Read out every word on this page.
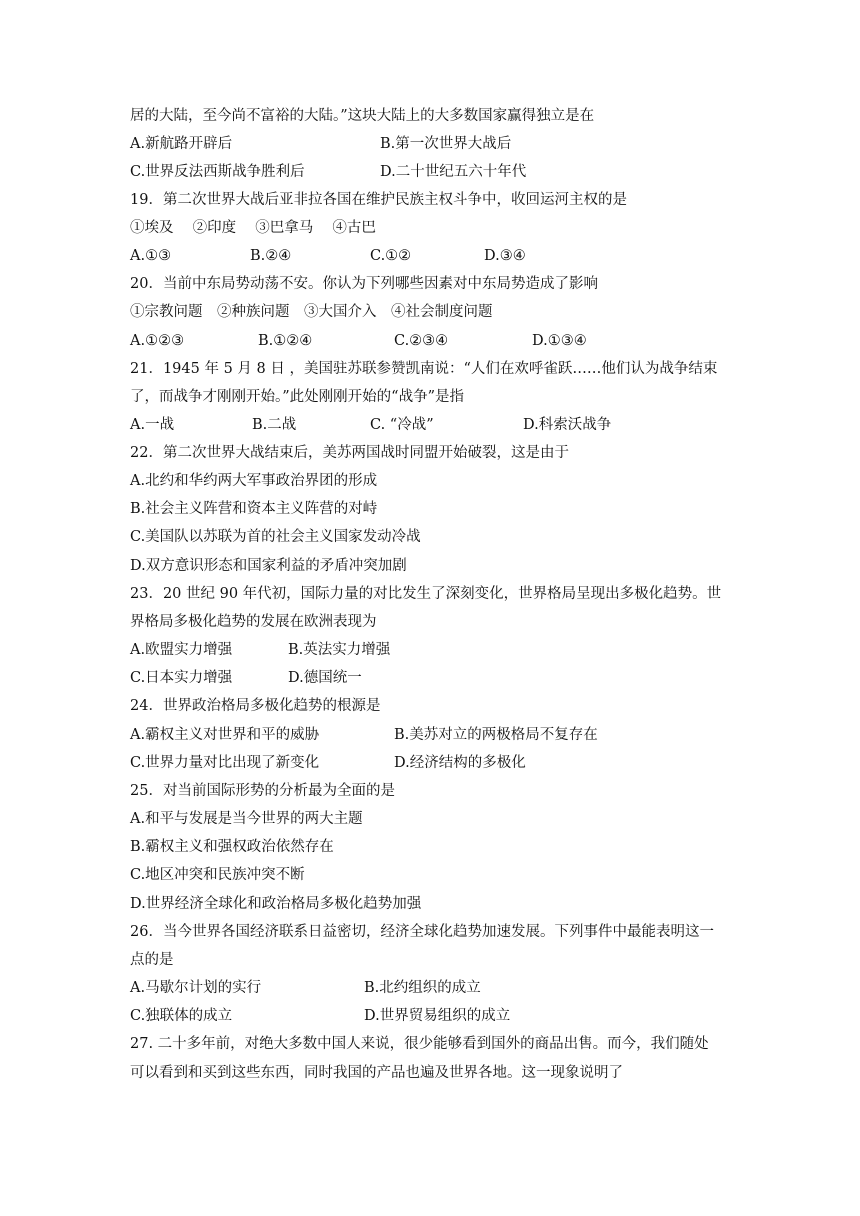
居的大陆，至今尚不富裕的大陆。”这块大陆上的大多数国家赢得独立是在
A.新航路开辟后	B.第一次世界大战后
C.世界反法西斯战争胜利后	D.二十世纪五六十年代
19．第二次世界大战后亚非拉各国在维护民族主权斗争中，收回运河主权的是
①埃及　 ②印度　 ③巴拿马　 ④古巴
A.①③	B.②④	C.①②	D.③④
20．当前中东局势动荡不安。你认为下列哪些因素对中东局势造成了影响
①宗教问题　②种族问题　③大国介入　④社会制度问题
A.①②③	B.①②④	C.②③④	D.①③④
21．1945 年 5 月 8 日 ，美国驻苏联参赞凯南说：“人们在欢呼雀跃……他们认为战争结束
了，而战争才刚刚开始。”此处刚刚开始的“战争”是指
A.一战	B.二战	C. “冷战”	D.科索沃战争
22．第二次世界大战结束后，美苏两国战时同盟开始破裂，这是由于
A.北约和华约两大军事政治界团的形成
B.社会主义阵营和资本主义阵营的对峙
C.美国队以苏联为首的社会主义国家发动冷战
D.双方意识形态和国家利益的矛盾冲突加剧
23．20 世纪 90 年代初，国际力量的对比发生了深刻变化，世界格局呈现出多极化趋势。世
界格局多极化趋势的发展在欧洲表现为
A.欧盟实力增强	B.英法实力增强
C.日本实力增强	D.德国统一
24．世界政治格局多极化趋势的根源是
A.霸权主义对世界和平的威胁	B.美苏对立的两极格局不复存在
C.世界力量对比出现了新变化	D.经济结构的多极化
25．对当前国际形势的分析最为全面的是
A.和平与发展是当今世界的两大主题
B.霸权主义和强权政治依然存在
C.地区冲突和民族冲突不断
D.世界经济全球化和政治格局多极化趋势加强
26．当今世界各国经济联系日益密切，经济全球化趋势加速发展。下列事件中最能表明这一
点的是
A.马歇尔计划的实行	B.北约组织的成立
C.独联体的成立	D.世界贸易组织的成立
27. 二十多年前，对绝大多数中国人来说，很少能够看到国外的商品出售。而今，我们随处
可以看到和买到这些东西，同时我国的产品也遍及世界各地。这一现象说明了
